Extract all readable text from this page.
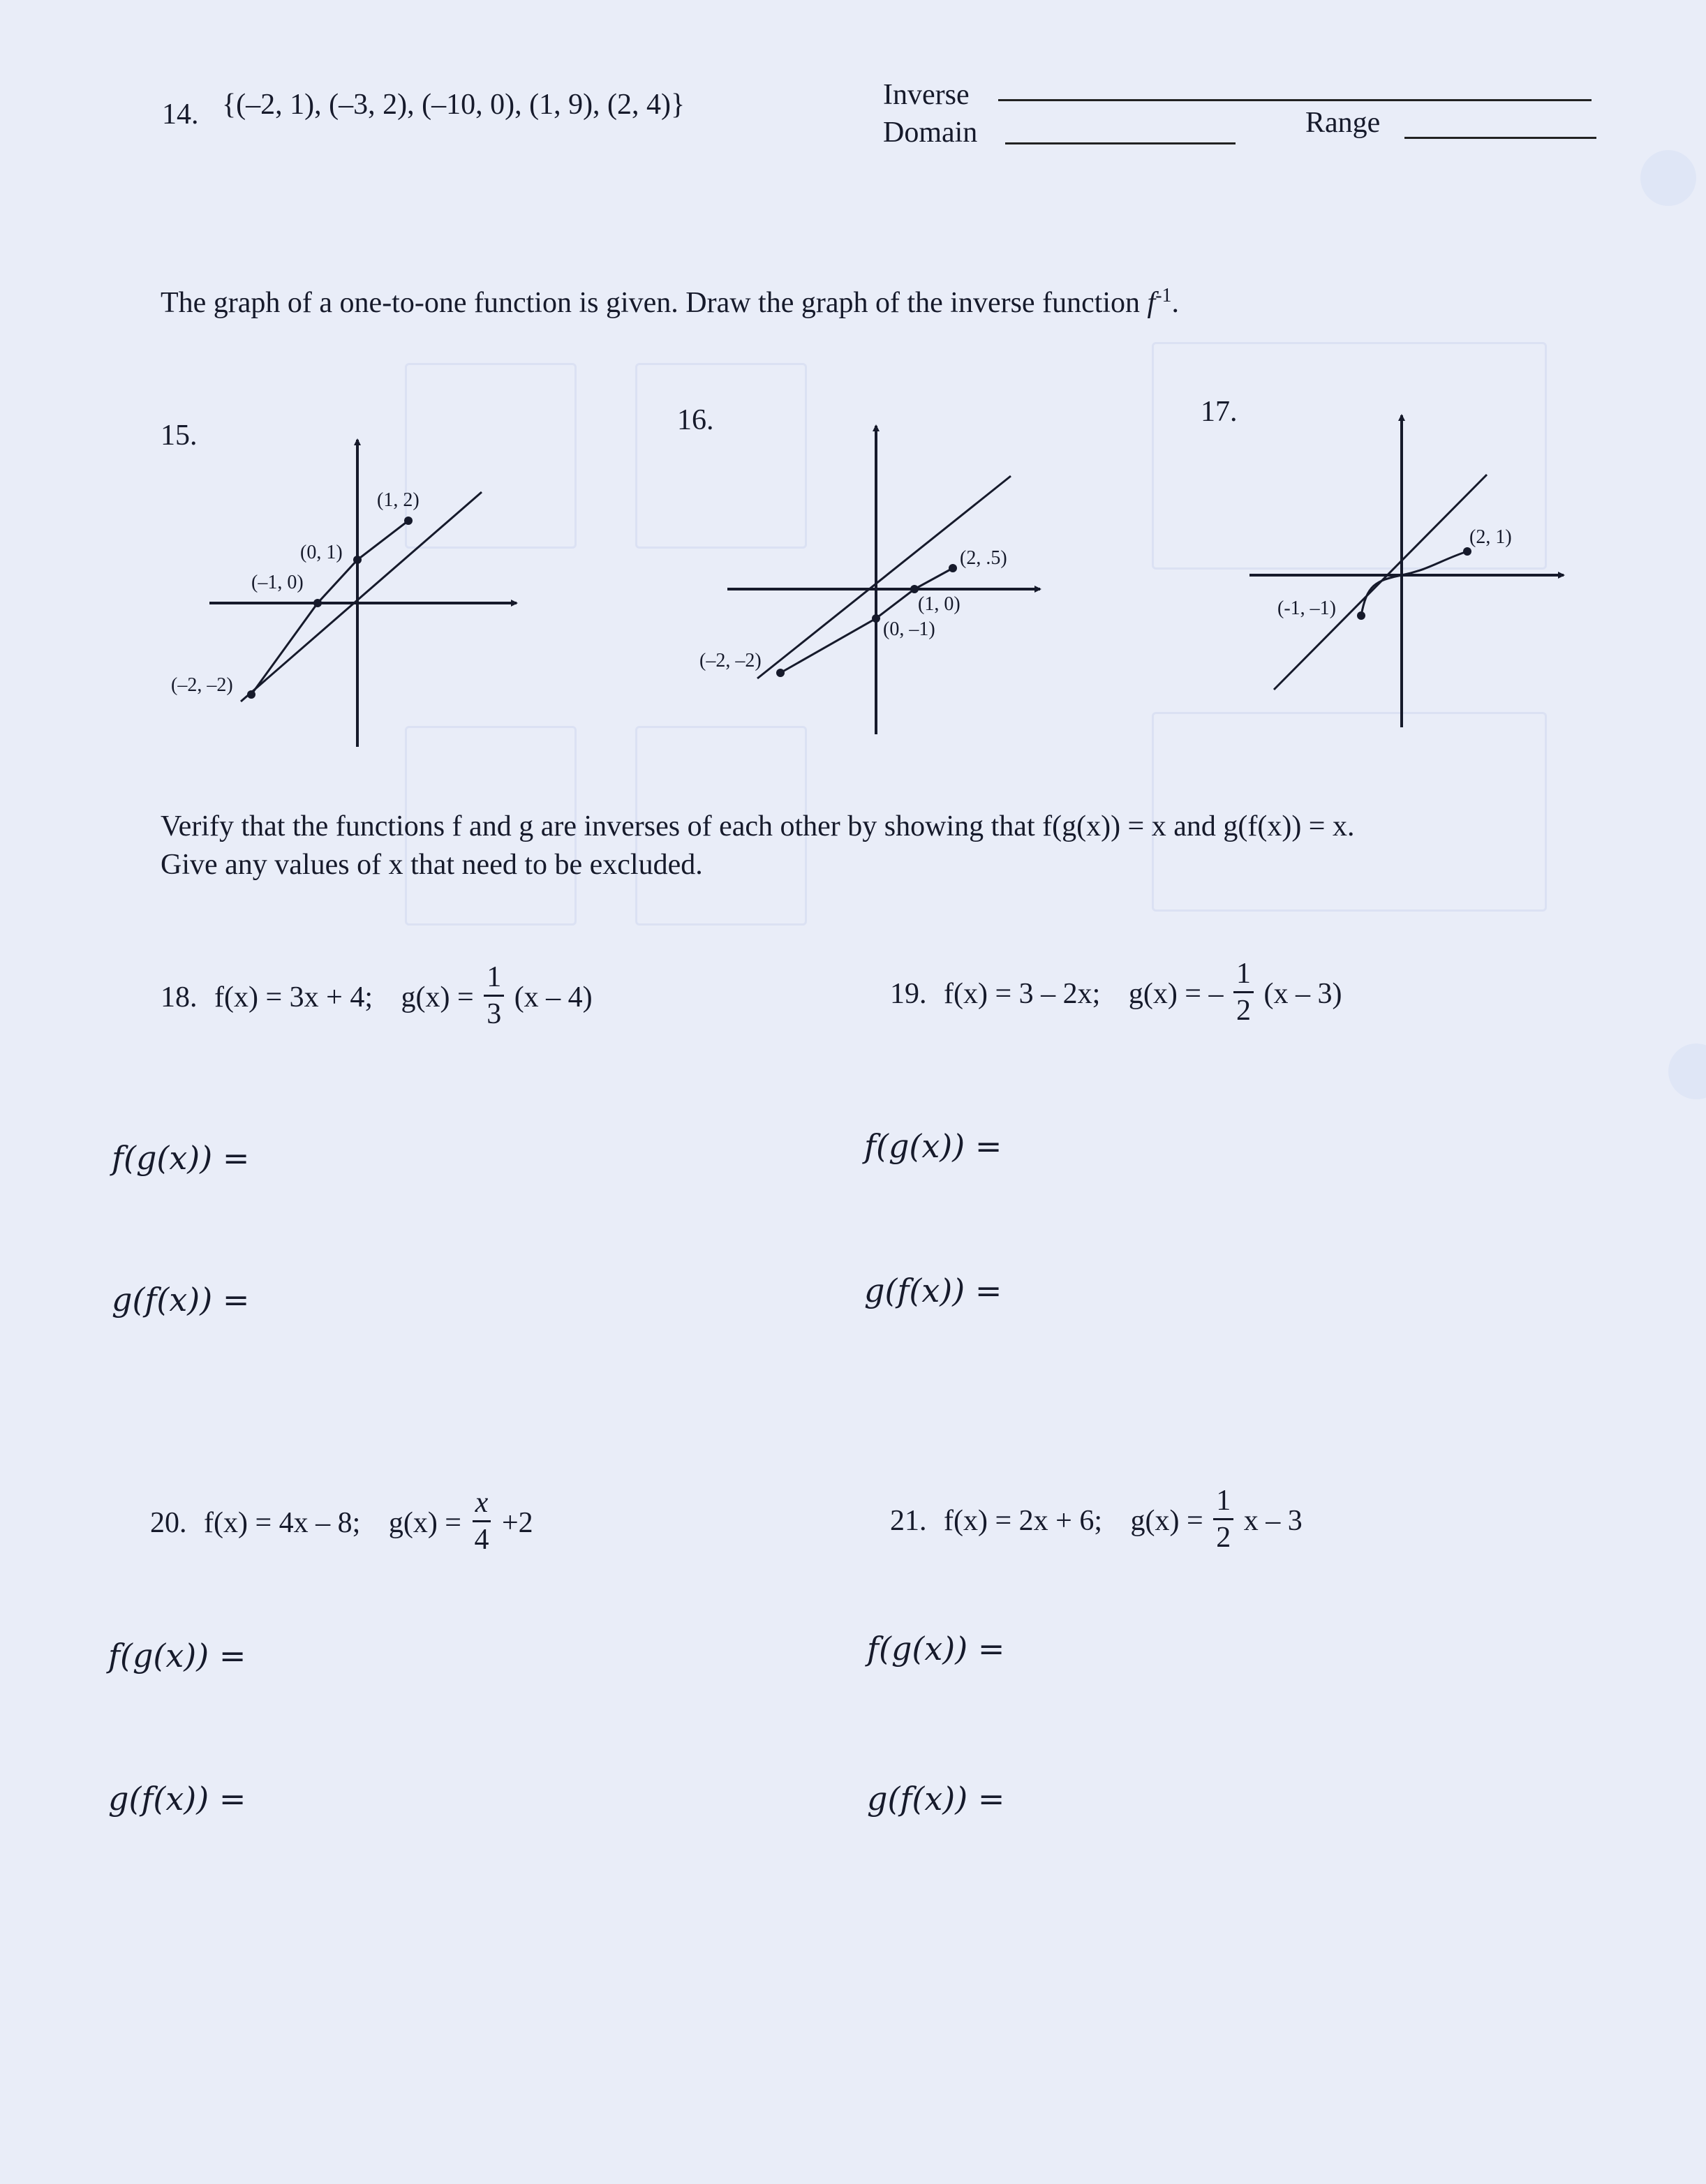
14. {(–2, 1), (–3, 2), (–10, 0), (1, 9), (2, 4)}	Inverse
Domain	Range
The graph of a one-to-one function is given. Draw the graph of the inverse function $f^{-1}$.
15.
(1, 2)
(0, 1)
(–1, 0)
(–2, –2)
16.
(2, .5)
(1, 0)
(0, –1)
(–2, –2)
17.
(2, 1)
(-1, –1)
Verify that the functions f and g are inverses of each other by showing that f(g(x)) = x and g(f(x)) = x.
Give any values of x that need to be excluded.
18. f(x) = 3x + 4; $g(x) = \frac{1}{3} (x - 4)$	19. f(x) = 3 – 2x; g(x) = – $\frac{1}{2} (x - 3)$
f(g(x)) =	f(g(x)) =
g(f(x)) =	g(f(x)) =
20. f(x) = 4x – 8; $g(x) = \frac{x}{4} +2$	21. f(x) = 2x + 6; $g(x) = \frac{1}{2}$ x – 3
f(g(x)) =	f(g(x)) =
g(f(x)) =	g(f(x)) =
